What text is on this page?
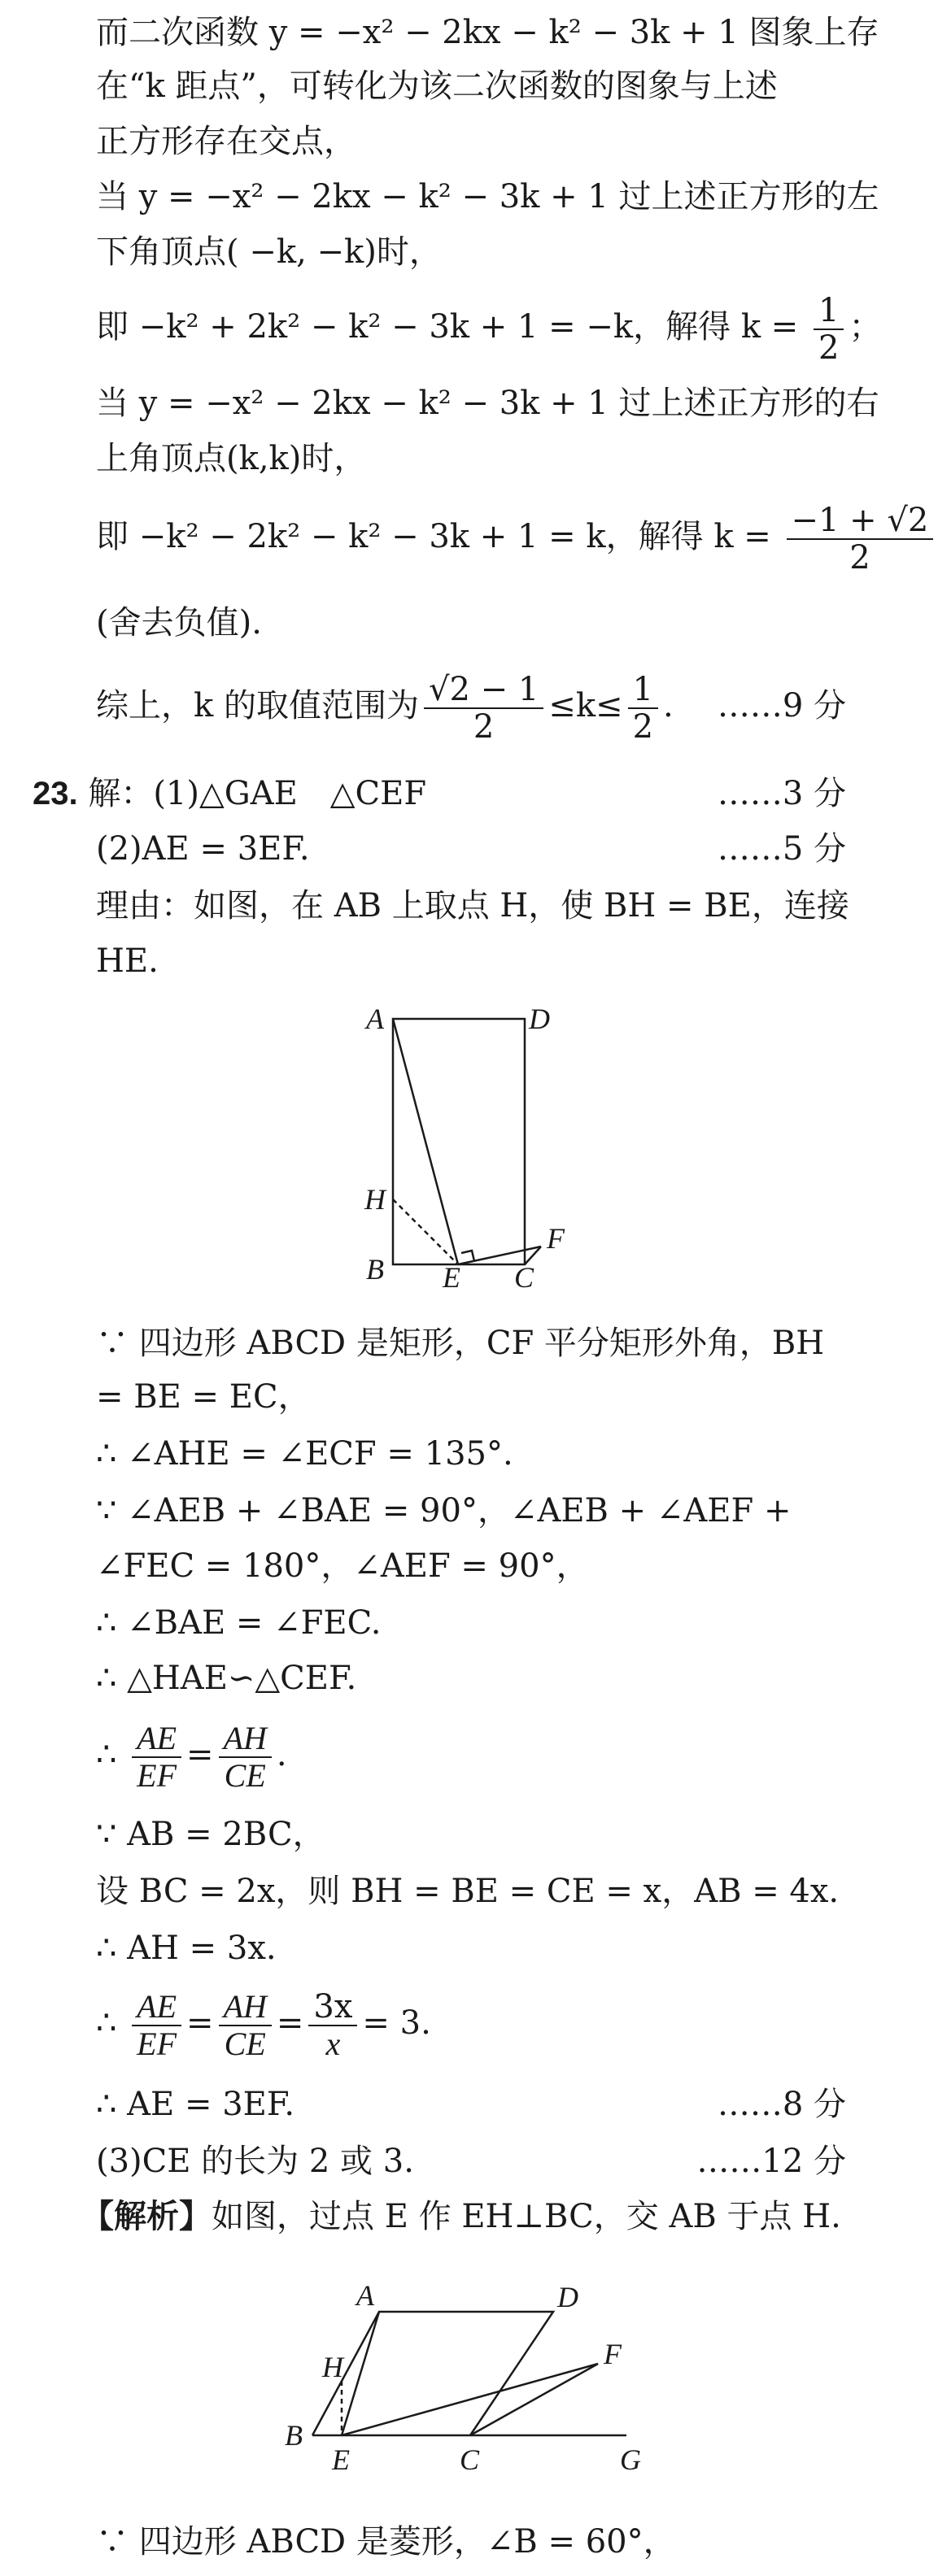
而二次函数 y = −x² − 2kx − k² − 3k + 1 图象上存
在“k 距点”，可转化为该二次函数的图象与上述
正方形存在交点，
当 y = −x² − 2kx − k² − 3k + 1 过上述正方形的左
下角顶点( −k, −k)时，
即 −k² + 2k² − k² − 3k + 1 = −k，解得 $k = \frac{1}{2}$ ；
当 y = −x² − 2kx − k² − 3k + 1 过上述正方形的右
上角顶点(k,k)时，
即 −k² − 2k² − k² − 3k + 1 = k，解得 $k = \frac{-1 + √2}{2}$
(舍去负值).
综上，k 的取值范围为 $\frac{√2 - 1}{2} \le k\le \frac{1}{2}$ . ……9 分
23. 解：(1)△GAE　△CEF	……3 分
(2)AE = 3EF.	……5 分
理由：如图，在 AB 上取点 H，使 BH = BE，连接
HE.
A	D
H
B E C
F
∵ 四边形 ABCD 是矩形，CF 平分矩形外角，BH
= BE = EC，
∴ ∠AHE = ∠ECF = 135°.
∵ ∠AEB + ∠BAE = 90°，∠AEB + ∠AEF +
∠FEC = 180°，∠AEF = 90°，
∴ ∠BAE = ∠FEC.
∴ △HAE∽△CEF.
∴ $\frac{AE}{EF} = \frac{AH}{CE}$ .
∵ AB = 2BC，
设 BC = 2x，则 BH = BE = CE = x，AB = 4x.
∴ AH = 3x.
∴ $\frac{AE}{EF} = \frac{AH}{CE} = \frac{3x}{x} = 3$.
∴ AE = 3EF.	……8 分
(3)CE 的长为 2 或 3.	……12 分
【解析】如图，过点 E 作 EH⊥BC，交 AB 于点 H.
A	D
H	F
B
E	C	G
∵ 四边形 ABCD 是菱形，∠B = 60°，
